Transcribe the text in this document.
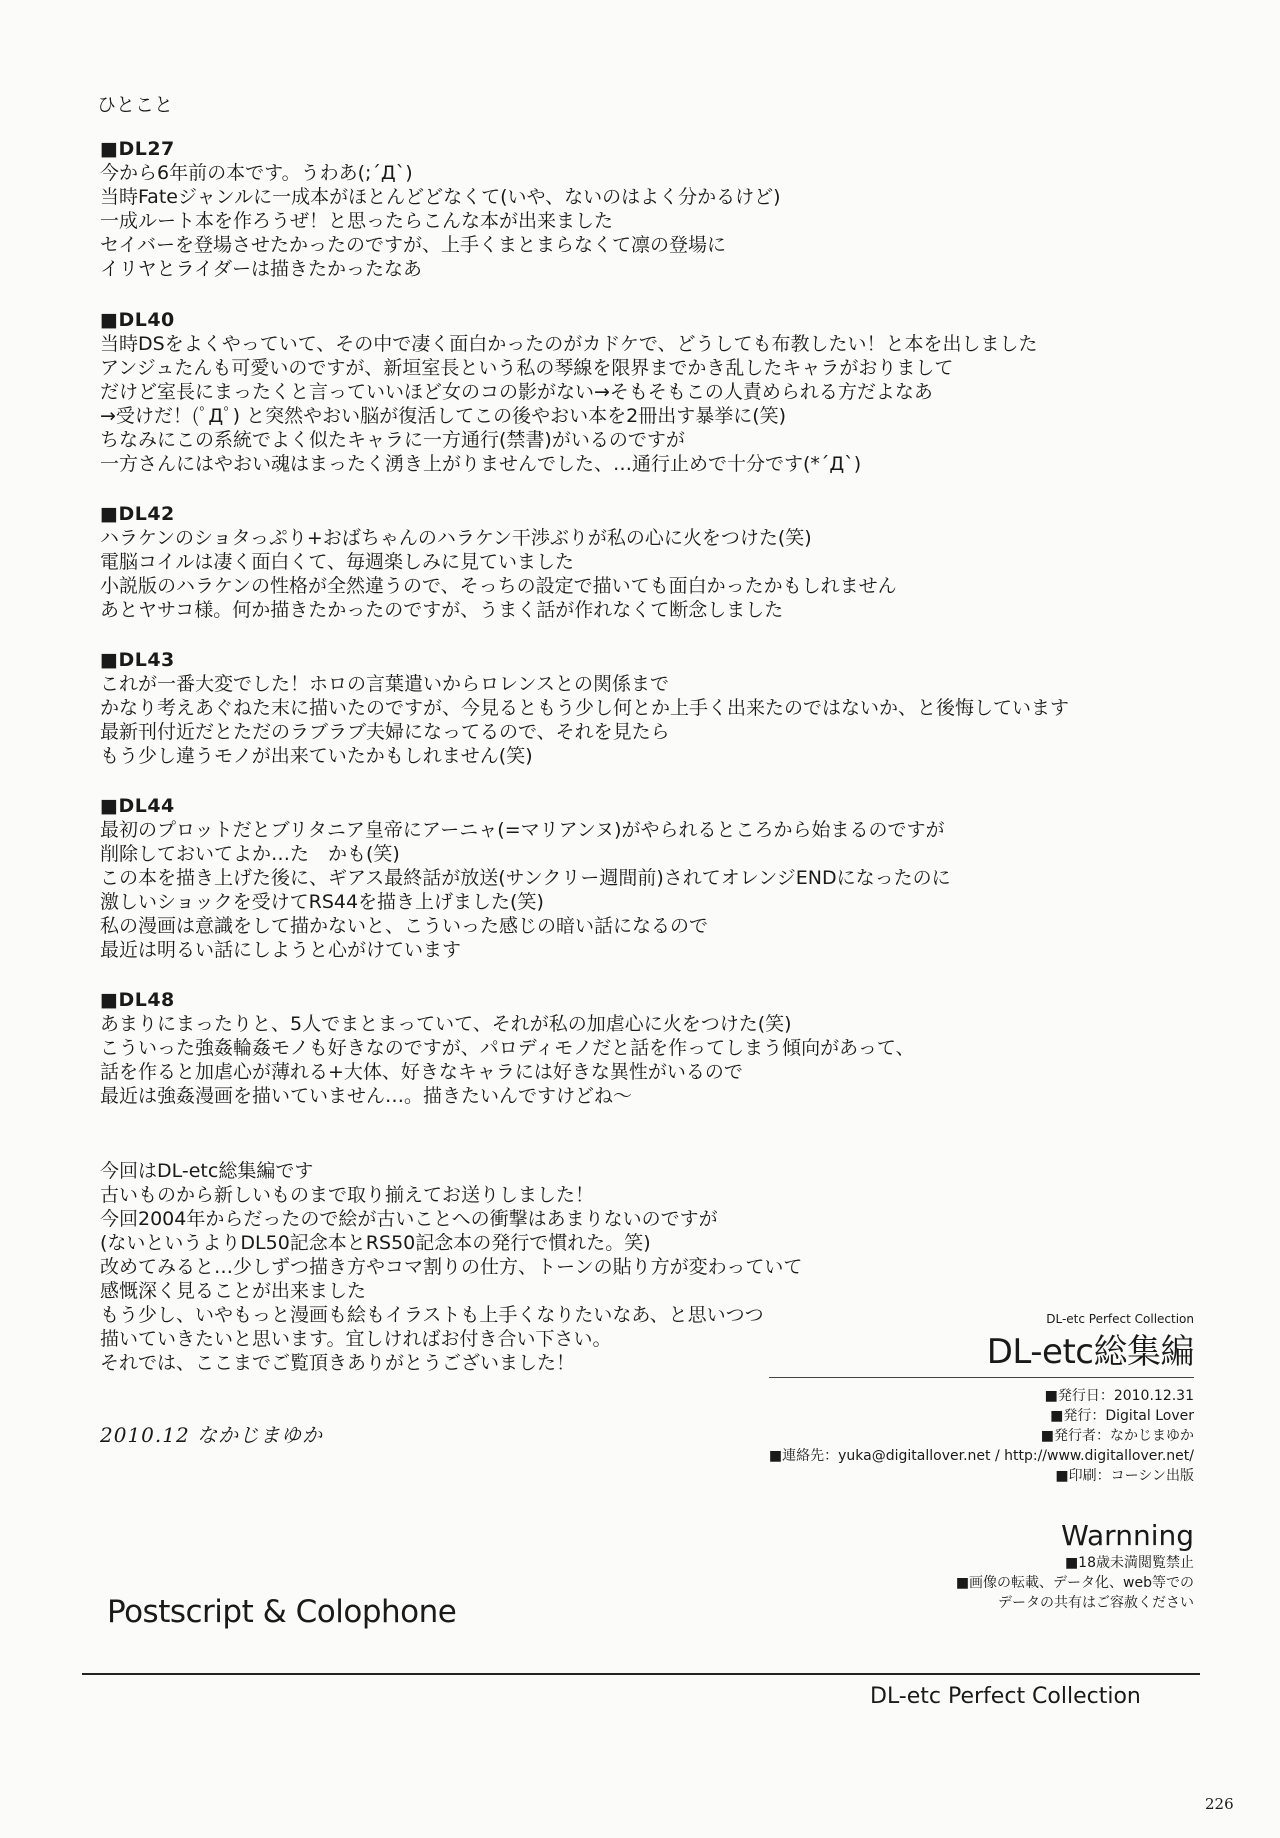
ひとこと
■DL27
今から6年前の本です。うわあ(;´Д`)
当時Fateジャンルに一成本がほとんどどなくて(いや、ないのはよく分かるけど)
一成ルート本を作ろうぜ！と思ったらこんな本が出来ました
セイバーを登場させたかったのですが、上手くまとまらなくて凛の登場に
イリヤとライダーは描きたかったなあ
■DL40
当時DSをよくやっていて、その中で凄く面白かったのがカドケで、どうしても布教したい！と本を出しました
アンジュたんも可愛いのですが、新垣室長という私の琴線を限界までかき乱したキャラがおりまして
だけど室長にまったくと言っていいほど女のコの影がない→そもそもこの人責められる方だよなあ
→受けだ！(ﾟДﾟ) と突然やおい脳が復活してこの後やおい本を2冊出す暴挙に(笑)
ちなみにこの系統でよく似たキャラに一方通行(禁書)がいるのですが
一方さんにはやおい魂はまったく湧き上がりませんでした、…通行止めで十分です(*´Д`)
■DL42
ハラケンのショタっぷり+おばちゃんのハラケン干渉ぶりが私の心に火をつけた(笑)
電脳コイルは凄く面白くて、毎週楽しみに見ていました
小説版のハラケンの性格が全然違うので、そっちの設定で描いても面白かったかもしれません
あとヤサコ様。何か描きたかったのですが、うまく話が作れなくて断念しました
■DL43
これが一番大変でした！ホロの言葉遣いからロレンスとの関係まで
かなり考えあぐねた末に描いたのですが、今見るともう少し何とか上手く出来たのではないか、と後悔しています
最新刊付近だとただのラブラブ夫婦になってるので、それを見たら
もう少し違うモノが出来ていたかもしれません(笑)
■DL44
最初のプロットだとブリタニア皇帝にアーニャ(=マリアンヌ)がやられるところから始まるのですが
削除しておいてよか…た　かも(笑)
この本を描き上げた後に、ギアス最終話が放送(サンクリー週間前)されてオレンジENDになったのに
激しいショックを受けてRS44を描き上げました(笑)
私の漫画は意識をして描かないと、こういった感じの暗い話になるので
最近は明るい話にしようと心がけています
■DL48
あまりにまったりと、5人でまとまっていて、それが私の加虐心に火をつけた(笑)
こういった強姦輪姦モノも好きなのですが、パロディモノだと話を作ってしまう傾向があって、
話を作ると加虐心が薄れる+大体、好きなキャラには好きな異性がいるので
最近は強姦漫画を描いていません…。描きたいんですけどね～
今回はDL-etc総集編です
古いものから新しいものまで取り揃えてお送りしました！
今回2004年からだったので絵が古いことへの衝撃はあまりないのですが
(ないというよりDL50記念本とRS50記念本の発行で慣れた。笑)
改めてみると…少しずつ描き方やコマ割りの仕方、トーンの貼り方が変わっていて
感慨深く見ることが出来ました
もう少し、いやもっと漫画も絵もイラストも上手くなりたいなあ、と思いつつ
描いていきたいと思います。宜しければお付き合い下さい。
それでは、ここまでご覧頂きありがとうございました！
2010.12 なかじまゆか
DL-etc Perfect Collection
DL-etc総集編
■発行日：2010.12.31
■発行：Digital Lover
■発行者：なかじまゆか
■連絡先：yuka@digitallover.net / http://www.digitallover.net/
■印刷：コーシン出版
Warnning
■18歳未満閲覧禁止
■画像の転載、データ化、web等での
データの共有はご容赦ください
Postscript & Colophone
DL-etc Perfect Collection
226
